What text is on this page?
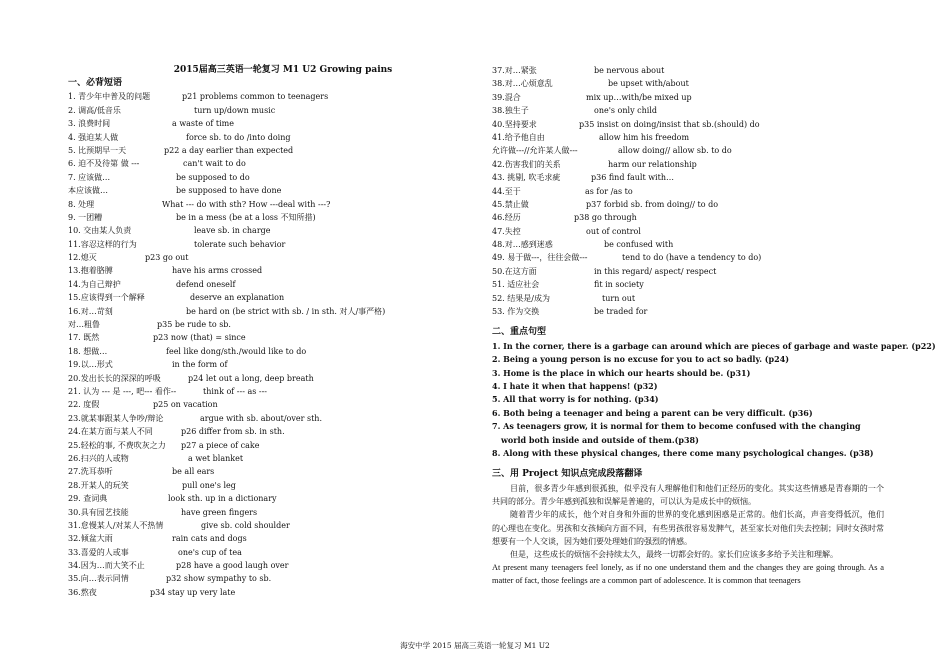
2015届高三英语一轮复习 M1 U2 Growing pains
一、必背短语
1. 青少年中普及的问题	p21 problems common to teenagers
2. 调高/低音乐	turn up/down music
3. 浪费时间	a waste of time
4. 强迫某人做	force sb. to do /into doing
5. 比预期早一天	p22 a day earlier than expected
6. 迫不及待第 做 ---	can't wait to do
7. 应该做…	be supposed to do
本应该做…	be supposed to have done
8. 处理	What --- do with sth? How ---deal with ---?
9. 一团糟	be in a mess (be at a loss 不知所措)
10. 交由某人负责	leave sb. in charge
11.容忍这样的行为	tolerate such behavior
12.熄灭	p23 go out
13.抱着胳膊	have his arms crossed
14.为自己辩护	defend oneself
15.应该得到一个解释	deserve an explanation
16.对…苛刻	be hard on (be strict with sb. / in sth. 对人/事严格)
对…粗鲁	p35 be rude to sb.
17. 既然	p23 now (that) = since
18. 想做…	feel like dong/sth./would like to do
19.以…形式	in the form of
20.发出长长的深深的呼吸	p24 let out a long, deep breath
21. 认为 --- 是 ---, 吧--- 看作--	think of --- as ---
22. 度假	p25 on vacation
23.就某事跟某人争吵/辩论	argue with sb. about/over sth.
24.在某方面与某人不同	p26 differ from sb. in sth.
25.轻松的事, 不费吹灰之力 p27 a piece of cake
26.扫兴的人或物	a wet blanket
27.洗耳恭听	be all ears
28.开某人的玩笑	pull one's leg
29. 查词典	look sth. up in a dictionary
30.具有园艺技能	have green fingers
31.怠慢某人/对某人不热情	give sb. cold shoulder
32.倾盆大雨	rain cats and dogs
33.喜爱的人或事	one's cup of tea
34.因为…而大笑不止	p28 have a good laugh over
35.向…表示同情	p32 show sympathy to sb.
36.熬夜	p34 stay up very late
37.对…紧张	be nervous about
38.对…心烦意乱	be upset with/about
39.混合	mix up…with/be mixed up
38.独生子	one's only child
40.坚持要求	p35 insist on doing/insist that sb.(should) do
41.给予他自由	allow him his freedom
允许做---//允许某人做---	allow doing// allow sb. to do
42.伤害我们的关系	harm our relationship
43. 挑剔, 吹毛求疵	p36 find fault with…
44.至于	as for /as to
45.禁止做	p37 forbid sb. from doing// to do
46.经历	p38 go through
47.失控	out of control
48.对…感到迷惑	be confused with
49. 易于做---，往往会做---	tend to do (have a tendency to do)
50.在这方面	in this regard/ aspect/ respect
51. 适应社会	fit in society
52. 结果是/成为	turn out
53. 作为交换	be traded for
二、重点句型
1. In the corner, there is a garbage can around which are pieces of garbage and waste paper. (p22)
2. Being a young person is no excuse for you to act so badly. (p24)
3. Home is the place in which our hearts should be. (p31)
4. I hate it when that happens! (p32)
5. All that worry is for nothing. (p34)
6. Both being a teenager and being a parent can be very difficult. (p36)
7. As teenagers grow, it is normal for them to become confused with the changing world both inside and outside of them.(p38)
8. Along with these physical changes, there come many psychological changes. (p38)
三、用 Project 知识点完成段落翻译

目前，很多青少年感到很孤独，似乎没有人理解他们和他们正经历的变化。其实这些情感是青春期的一个共同的部分。青少年感到孤独和误解是普遍的，可以认为是成长中的烦恼。

随着青少年的成长，他个对自身和外面的世界的变化感到困惑是正常的。他们长高，声音变得低沉，他们的心理也在变化。男孩和女孩倾向方面不同，有些男孩很容易发脾气，甚至家长对他们失去控制；同时女孩时常想要有一个人交谈，因为她们要处理她们的强烈的情感。

但是，这些成长的烦恼不会持续太久，最终一切都会好的。家长们应该多多给予关注和理解。

At present many teenagers feel lonely, as if no one understand them and the changes they are going through. As a matter of fact, those feelings are a common part of adolescence. It is common that teenagers

海安中学 2015 届高三英语一轮复习 M1 U2
